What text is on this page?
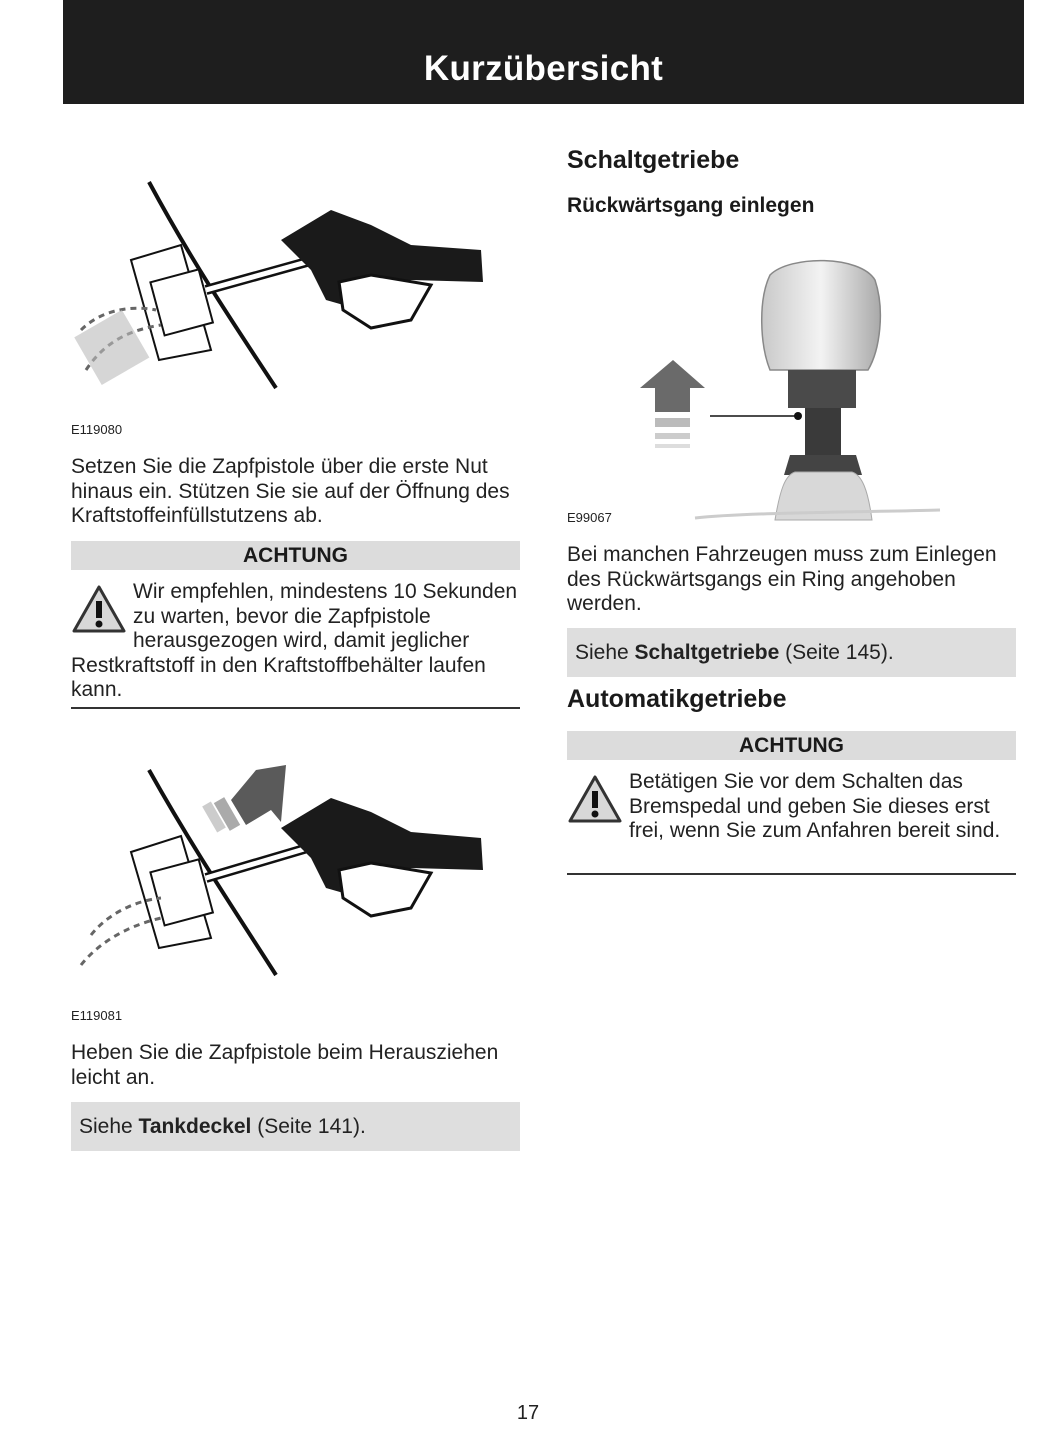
Kurzübersicht
E119080

Setzen Sie die Zapfpistole über die erste Nut hinaus ein. Stützen Sie sie auf der Öffnung des Kraftstoffeinfüllstutzens ab.

ACHTUNG
Wir empfehlen, mindestens 10 Sekunden zu warten, bevor die Zapfpistole herausgezogen wird, damit jeglicher Restkraftstoff in den Kraftstoffbehälter laufen kann.
E119081

Heben Sie die Zapfpistole beim Herausziehen leicht an.

Siehe Tankdeckel (Seite 141).
Schaltgetriebe
Rückwärtsgang einlegen
E99067

Bei manchen Fahrzeugen muss zum Einlegen des Rückwärtsgangs ein Ring angehoben werden.

Siehe Schaltgetriebe (Seite 145).
Automatikgetriebe
ACHTUNG
Betätigen Sie vor dem Schalten das Bremspedal und geben Sie dieses erst frei, wenn Sie zum Anfahren bereit sind.
17
